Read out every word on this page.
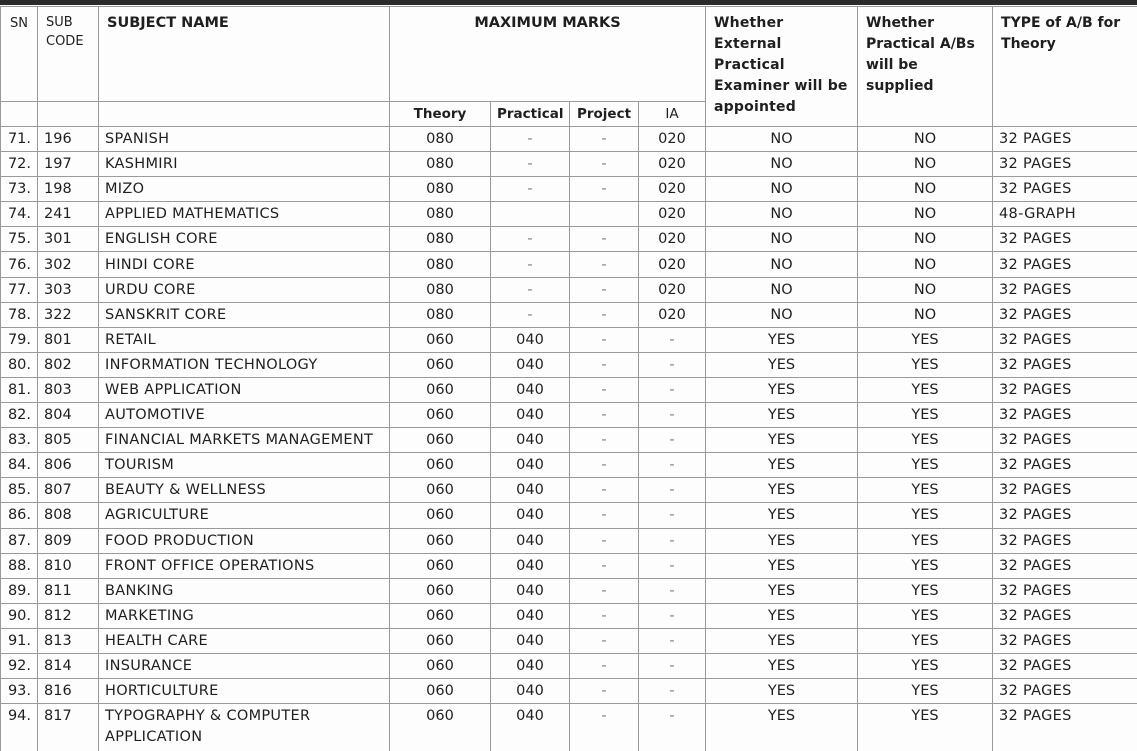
SN	SUB CODE	SUBJECT NAME	MAXIMUM MARKS				Whether External Practical Examiner will be appointed	Whether Practical A/Bs will be supplied	TYPE of A/B for Theory
			Theory	Practical	Project	IA			
71.	196	SPANISH	080	-	-	020	NO	NO	32 PAGES
72.	197	KASHMIRI	080	-	-	020	NO	NO	32 PAGES
73.	198	MIZO	080	-	-	020	NO	NO	32 PAGES
74.	241	APPLIED MATHEMATICS	080			020	NO	NO	48-GRAPH
75.	301	ENGLISH CORE	080	-	-	020	NO	NO	32 PAGES
76.	302	HINDI CORE	080	-	-	020	NO	NO	32 PAGES
77.	303	URDU CORE	080	-	-	020	NO	NO	32 PAGES
78.	322	SANSKRIT CORE	080	-	-	020	NO	NO	32 PAGES
79.	801	RETAIL	060	040	-	-	YES	YES	32 PAGES
80.	802	INFORMATION TECHNOLOGY	060	040	-	-	YES	YES	32 PAGES
81.	803	WEB APPLICATION	060	040	-	-	YES	YES	32 PAGES
82.	804	AUTOMOTIVE	060	040	-	-	YES	YES	32 PAGES
83.	805	FINANCIAL MARKETS MANAGEMENT	060	040	-	-	YES	YES	32 PAGES
84.	806	TOURISM	060	040	-	-	YES	YES	32 PAGES
85.	807	BEAUTY & WELLNESS	060	040	-	-	YES	YES	32 PAGES
86.	808	AGRICULTURE	060	040	-	-	YES	YES	32 PAGES
87.	809	FOOD PRODUCTION	060	040	-	-	YES	YES	32 PAGES
88.	810	FRONT OFFICE OPERATIONS	060	040	-	-	YES	YES	32 PAGES
89.	811	BANKING	060	040	-	-	YES	YES	32 PAGES
90.	812	MARKETING	060	040	-	-	YES	YES	32 PAGES
91.	813	HEALTH CARE	060	040	-	-	YES	YES	32 PAGES
92.	814	INSURANCE	060	040	-	-	YES	YES	32 PAGES
93.	816	HORTICULTURE	060	040	-	-	YES	YES	32 PAGES
94.	817	TYPOGRAPHY & COMPUTER APPLICATION	060	040	-	-	YES	YES	32 PAGES
